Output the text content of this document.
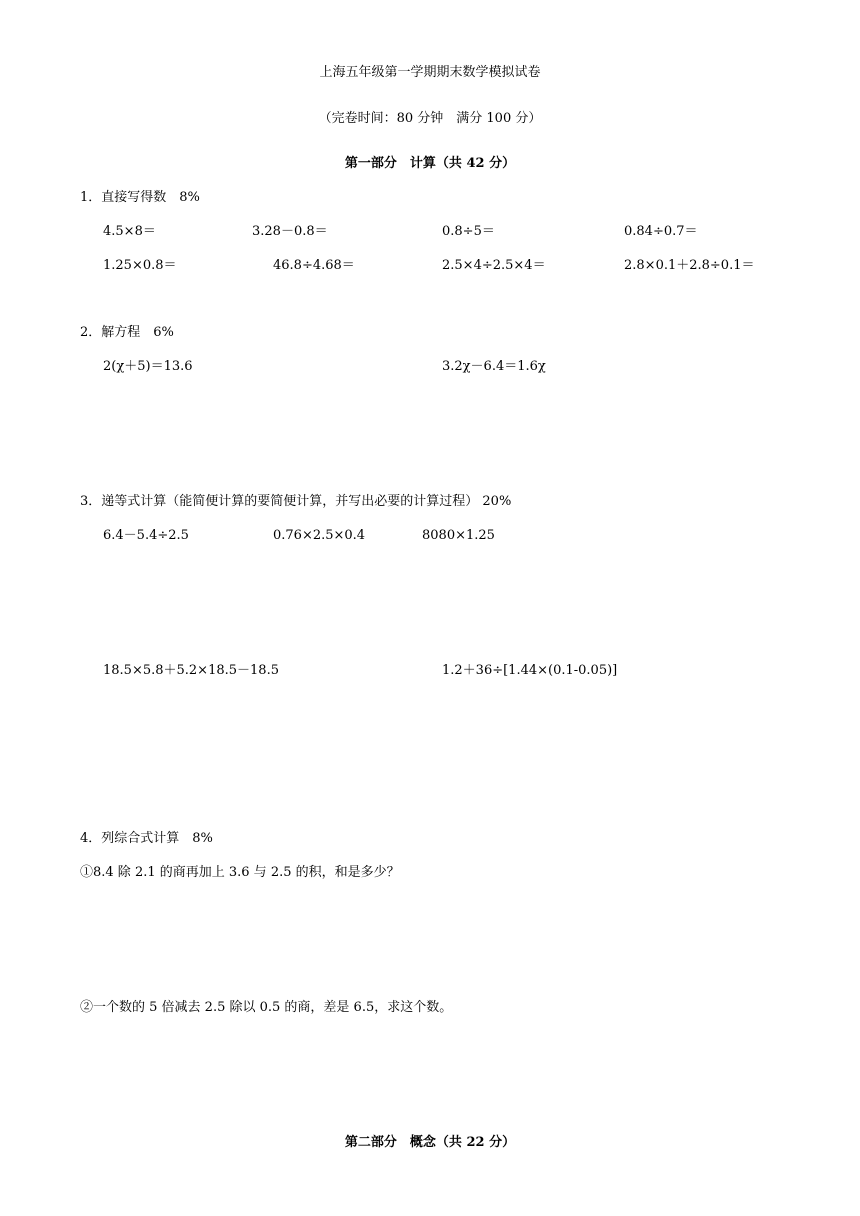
上海五年级第一学期期末数学模拟试卷
（完卷时间：80 分钟　满分 100 分）
第一部分　计算（共 42 分）
1．直接写得数　8%
4.5×8＝	3.28－0.8＝	0.8÷5＝	0.84÷0.7＝
1.25×0.8＝	46.8÷4.68＝	2.5×4÷2.5×4＝	2.8×0.1＋2.8÷0.1＝
2．解方程　6%
2(χ＋5)＝13.6	3.2χ－6.4＝1.6χ
3．递等式计算（能简便计算的要简便计算，并写出必要的计算过程） 20%
6.4－5.4÷2.5	0.76×2.5×0.4	8080×1.25
18.5×5.8＋5.2×18.5－18.5	1.2＋36÷[1.44×(0.1-0.05)]
4．列综合式计算　8%
①8.4 除 2.1 的商再加上 3.6 与 2.5 的积，和是多少？
②一个数的 5 倍减去 2.5 除以 0.5 的商，差是 6.5，求这个数。
第二部分　概念（共 22 分）
